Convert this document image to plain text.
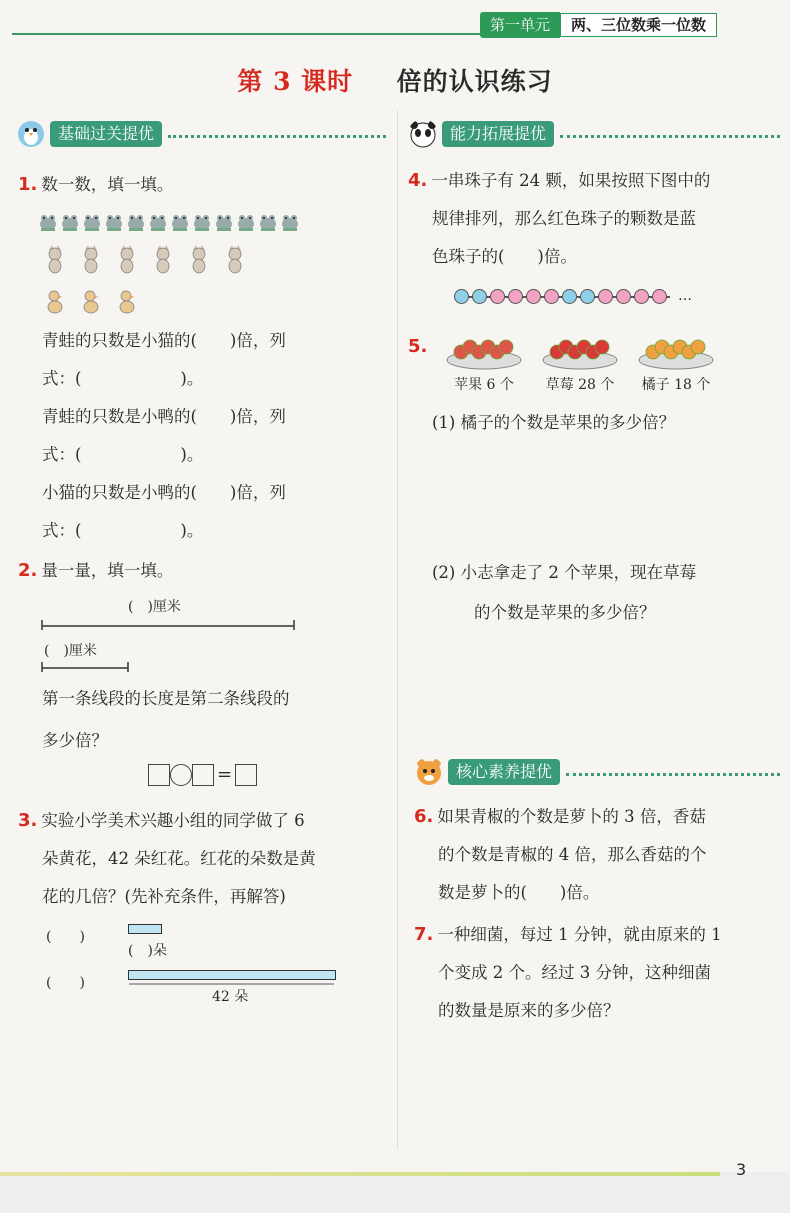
第一单元	两、三位数乘一位数
第 3 课时 倍的认识练习
基础过关提优
1. 数一数，填一填。
青蛙的只数是小猫的(　　)倍，列
式：(　　　　　　)。
青蛙的只数是小鸭的(　　)倍，列
式：(　　　　　　)。
小猫的只数是小鸭的(　　)倍，列
式：(　　　　　　)。
2. 量一量，填一填。
(　)厘米
(　)厘米
第一条线段的长度是第二条线段的
多少倍？
=
3. 实验小学美术兴趣小组的同学做了 6
朵黄花，42 朵红花。红花的朵数是黄
花的几倍？(先补充条件，再解答)
(　　)
(　)朵
(　　)
42 朵
能力拓展提优
4. 一串珠子有 24 颗，如果按照下图中的
规律排列，那么红色珠子的颗数是蓝
色珠子的(　　)倍。
…
5.
苹果 6 个	草莓 28 个	橘子 18 个
(1) 橘子的个数是苹果的多少倍？
(2) 小志拿走了 2 个苹果，现在草莓
的个数是苹果的多少倍？
核心素养提优
6. 如果青椒的个数是萝卜的 3 倍，香菇
的个数是青椒的 4 倍，那么香菇的个
数是萝卜的(　　)倍。
7. 一种细菌，每过 1 分钟，就由原来的 1
个变成 2 个。经过 3 分钟，这种细菌
的数量是原来的多少倍？
3
